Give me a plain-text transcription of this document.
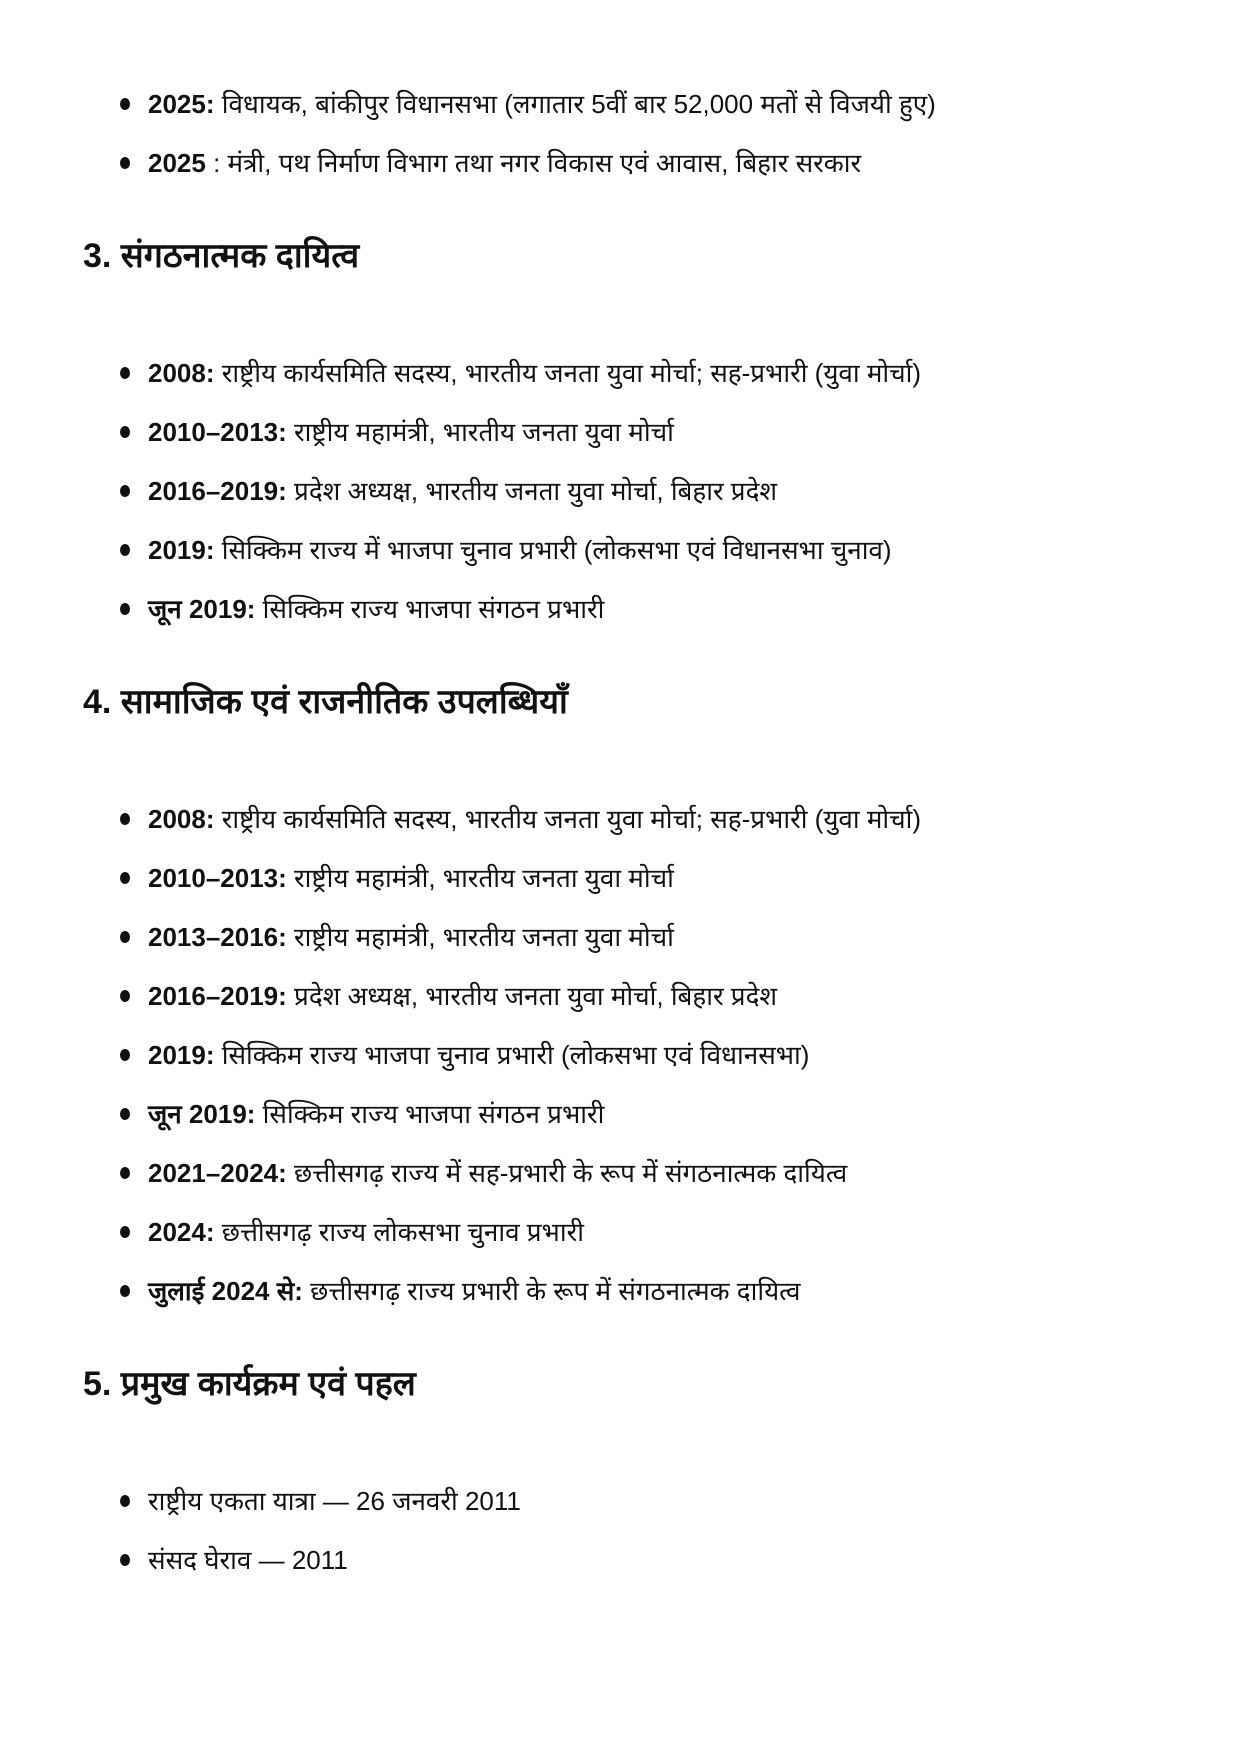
2025: विधायक, बांकीपुर विधानसभा (लगातार 5वीं बार 52,000 मतों से विजयी हुए)
2025 : मंत्री, पथ निर्माण विभाग तथा नगर विकास एवं आवास, बिहार सरकार
3. संगठनात्मक दायित्व
2008: राष्ट्रीय कार्यसमिति सदस्य, भारतीय जनता युवा मोर्चा; सह-प्रभारी (युवा मोर्चा)
2010–2013: राष्ट्रीय महामंत्री, भारतीय जनता युवा मोर्चा
2016–2019: प्रदेश अध्यक्ष, भारतीय जनता युवा मोर्चा, बिहार प्रदेश
2019: सिक्किम राज्य में भाजपा चुनाव प्रभारी (लोकसभा एवं विधानसभा चुनाव)
जून 2019: सिक्किम राज्य भाजपा संगठन प्रभारी
4. सामाजिक एवं राजनीतिक उपलब्धियाँ
2008: राष्ट्रीय कार्यसमिति सदस्य, भारतीय जनता युवा मोर्चा; सह-प्रभारी (युवा मोर्चा)
2010–2013: राष्ट्रीय महामंत्री, भारतीय जनता युवा मोर्चा
2013–2016: राष्ट्रीय महामंत्री, भारतीय जनता युवा मोर्चा
2016–2019: प्रदेश अध्यक्ष, भारतीय जनता युवा मोर्चा, बिहार प्रदेश
2019: सिक्किम राज्य भाजपा चुनाव प्रभारी (लोकसभा एवं विधानसभा)
जून 2019: सिक्किम राज्य भाजपा संगठन प्रभारी
2021–2024: छत्तीसगढ़ राज्य में सह-प्रभारी के रूप में संगठनात्मक दायित्व
2024: छत्तीसगढ़ राज्य लोकसभा चुनाव प्रभारी
जुलाई 2024 से: छत्तीसगढ़ राज्य प्रभारी के रूप में संगठनात्मक दायित्व
5. प्रमुख कार्यक्रम एवं पहल
राष्ट्रीय एकता यात्रा — 26 जनवरी 2011
संसद घेराव — 2011
